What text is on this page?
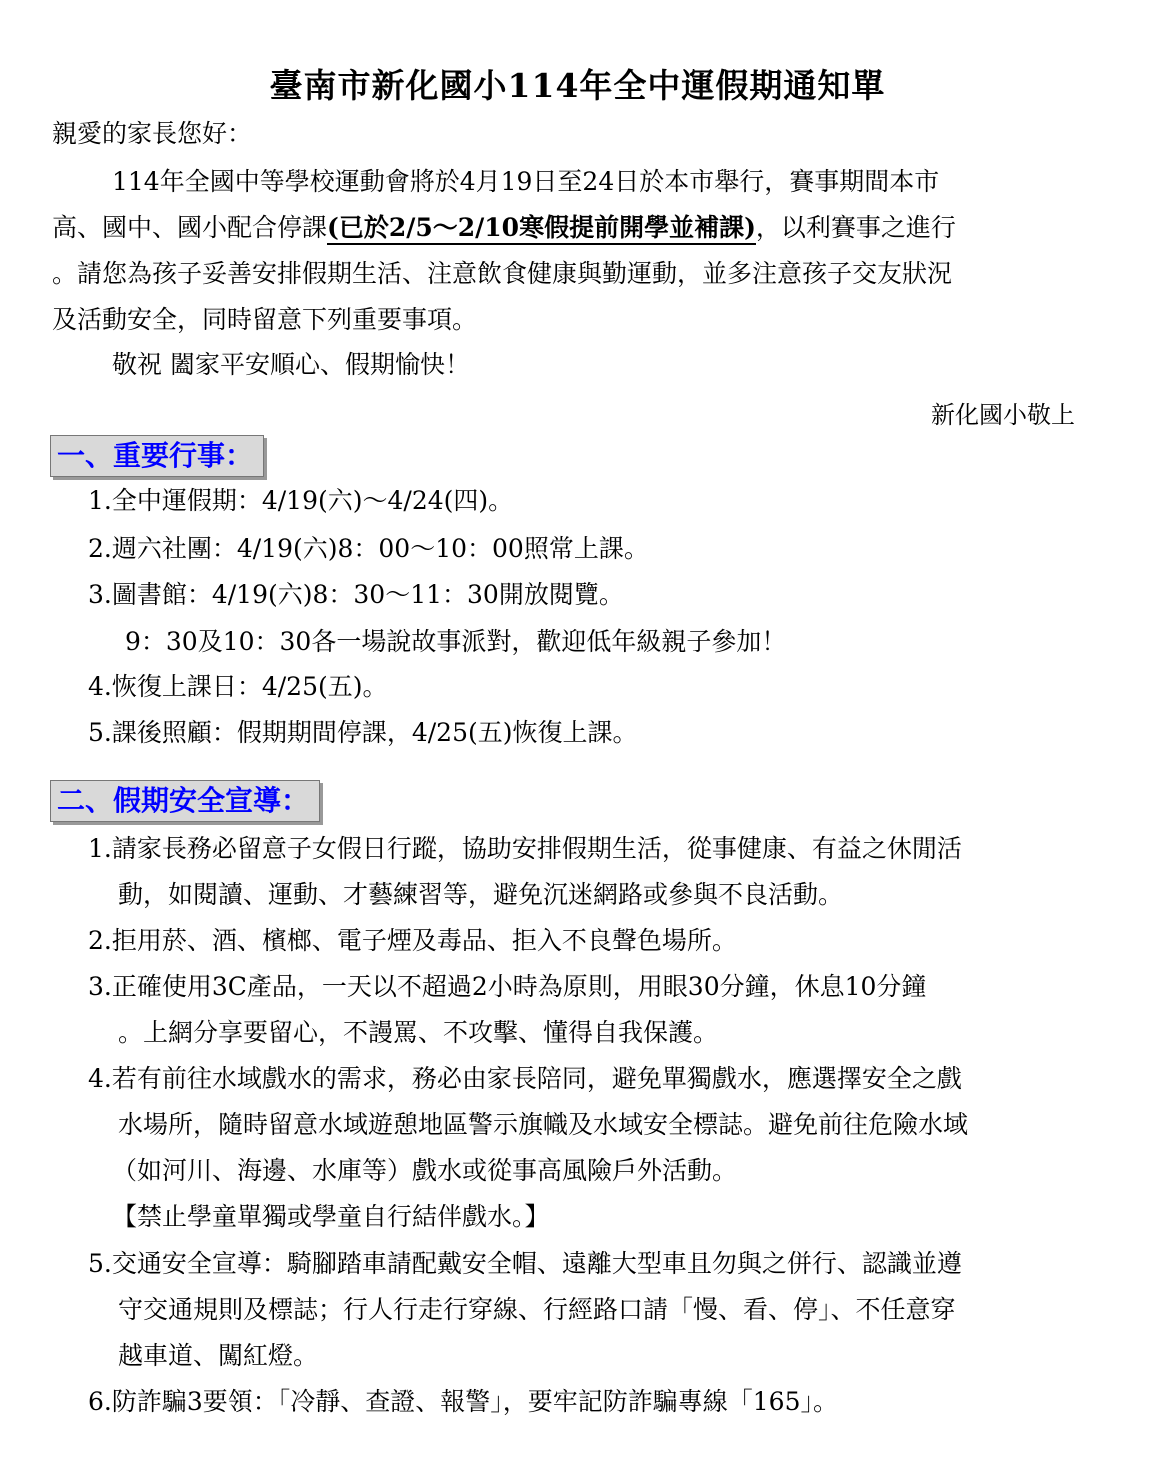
臺南市新化國小114年全中運假期通知單
親愛的家長您好：
114年全國中等學校運動會將於4月19日至24日於本市舉行，賽事期間本市
高、國中、國小配合停課(已於2/5～2/10寒假提前開學並補課)，以利賽事之進行
。請您為孩子妥善安排假期生活、注意飲食健康與勤運動，並多注意孩子交友狀況
及活動安全，同時留意下列重要事項。
敬祝 闔家平安順心、假期愉快！
新化國小敬上
一、重要行事：
1.全中運假期：4/19(六)～4/24(四)。
2.週六社團：4/19(六)8：00～10：00照常上課。
3.圖書館：4/19(六)8：30～11：30開放閱覽。
9：30及10：30各一場說故事派對，歡迎低年級親子參加！
4.恢復上課日：4/25(五)。
5.課後照顧：假期期間停課，4/25(五)恢復上課。
二、假期安全宣導：
1.請家長務必留意子女假日行蹤，協助安排假期生活，從事健康、有益之休閒活
動，如閱讀、運動、才藝練習等，避免沉迷網路或參與不良活動。
2.拒用菸、酒、檳榔、電子煙及毒品、拒入不良聲色場所。
3.正確使用3C產品，一天以不超過2小時為原則，用眼30分鐘，休息10分鐘
。上網分享要留心，不謾罵、不攻擊、懂得自我保護。
4.若有前往水域戲水的需求，務必由家長陪同，避免單獨戲水，應選擇安全之戲
水場所，隨時留意水域遊憩地區警示旗幟及水域安全標誌。避免前往危險水域
（如河川、海邊、水庫等）戲水或從事高風險戶外活動。
【禁止學童單獨或學童自行結伴戲水。】
5.交通安全宣導：騎腳踏車請配戴安全帽、遠離大型車且勿與之併行、認識並遵
守交通規則及標誌；行人行走行穿線、行經路口請「慢、看、停」、不任意穿
越車道、闖紅燈。
6.防詐騙3要領：「冷靜、查證、報警」，要牢記防詐騙專線「165」。
